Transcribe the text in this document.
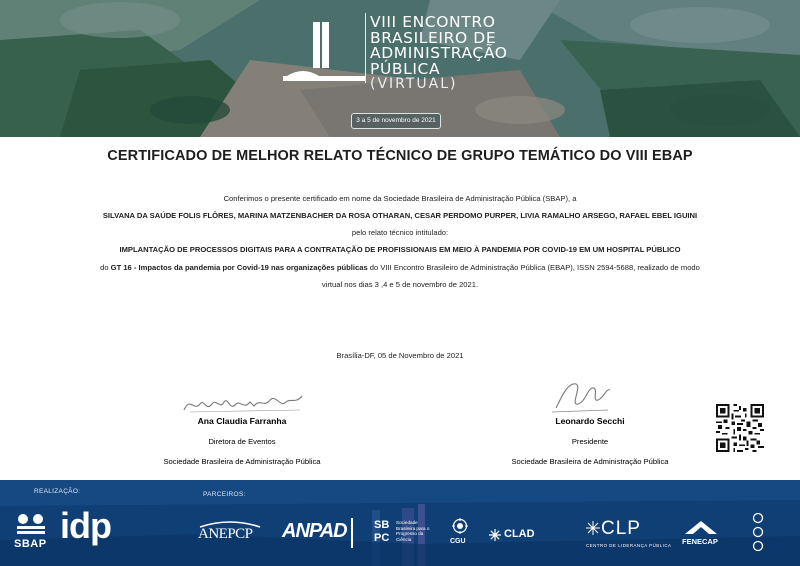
VIII ENCONTRO
BRASILEIRO DE
ADMINISTRAÇÃO
PÚBLICA
(VIRTUAL)
3 a 5 de novembro de 2021
CERTIFICADO DE MELHOR RELATO TÉCNICO DE GRUPO TEMÁTICO DO VIII EBAP
Conferimos o presente certificado em nome da Sociedade Brasileira de Administração Pública (SBAP), a
SILVANA DA SAÚDE FOLIS FLÔRES, MARINA MATZENBACHER DA ROSA OTHARAN, CESAR PERDOMO PURPER, LIVIA RAMALHO ARSEGO, RAFAEL EBEL IGUINI
pelo relato técnico intitulado:
IMPLANTAÇÃO DE PROCESSOS DIGITAIS PARA A CONTRATAÇÃO DE PROFISSIONAIS EM MEIO À PANDEMIA POR COVID-19 EM UM HOSPITAL PÚBLICO
do GT 16 - Impactos da pandemia por Covid-19 nas organizações públicas do VIII Encontro Brasileiro de Administração Pública (EBAP), ISSN 2594-5688, realizado de modo
virtual nos dias 3 ,4 e 5 de novembro de 2021.
Brasília-DF, 05 de Novembro de 2021
Ana Claudia Farranha
Diretora de Eventos
Sociedade Brasileira de Administração Pública
Leonardo Secchi
Presidente
Sociedade Brasileira de Administração Pública
REALIZAÇÃO:	PARCEIROS:
SBAP idp	ANEPCP ANPAD SB
PC
Sociedade Brasileira para o Progresso da Ciência	CGU
CLAD	CLP
CENTRO DE LIDERANÇA PÚBLICA FENECAP
